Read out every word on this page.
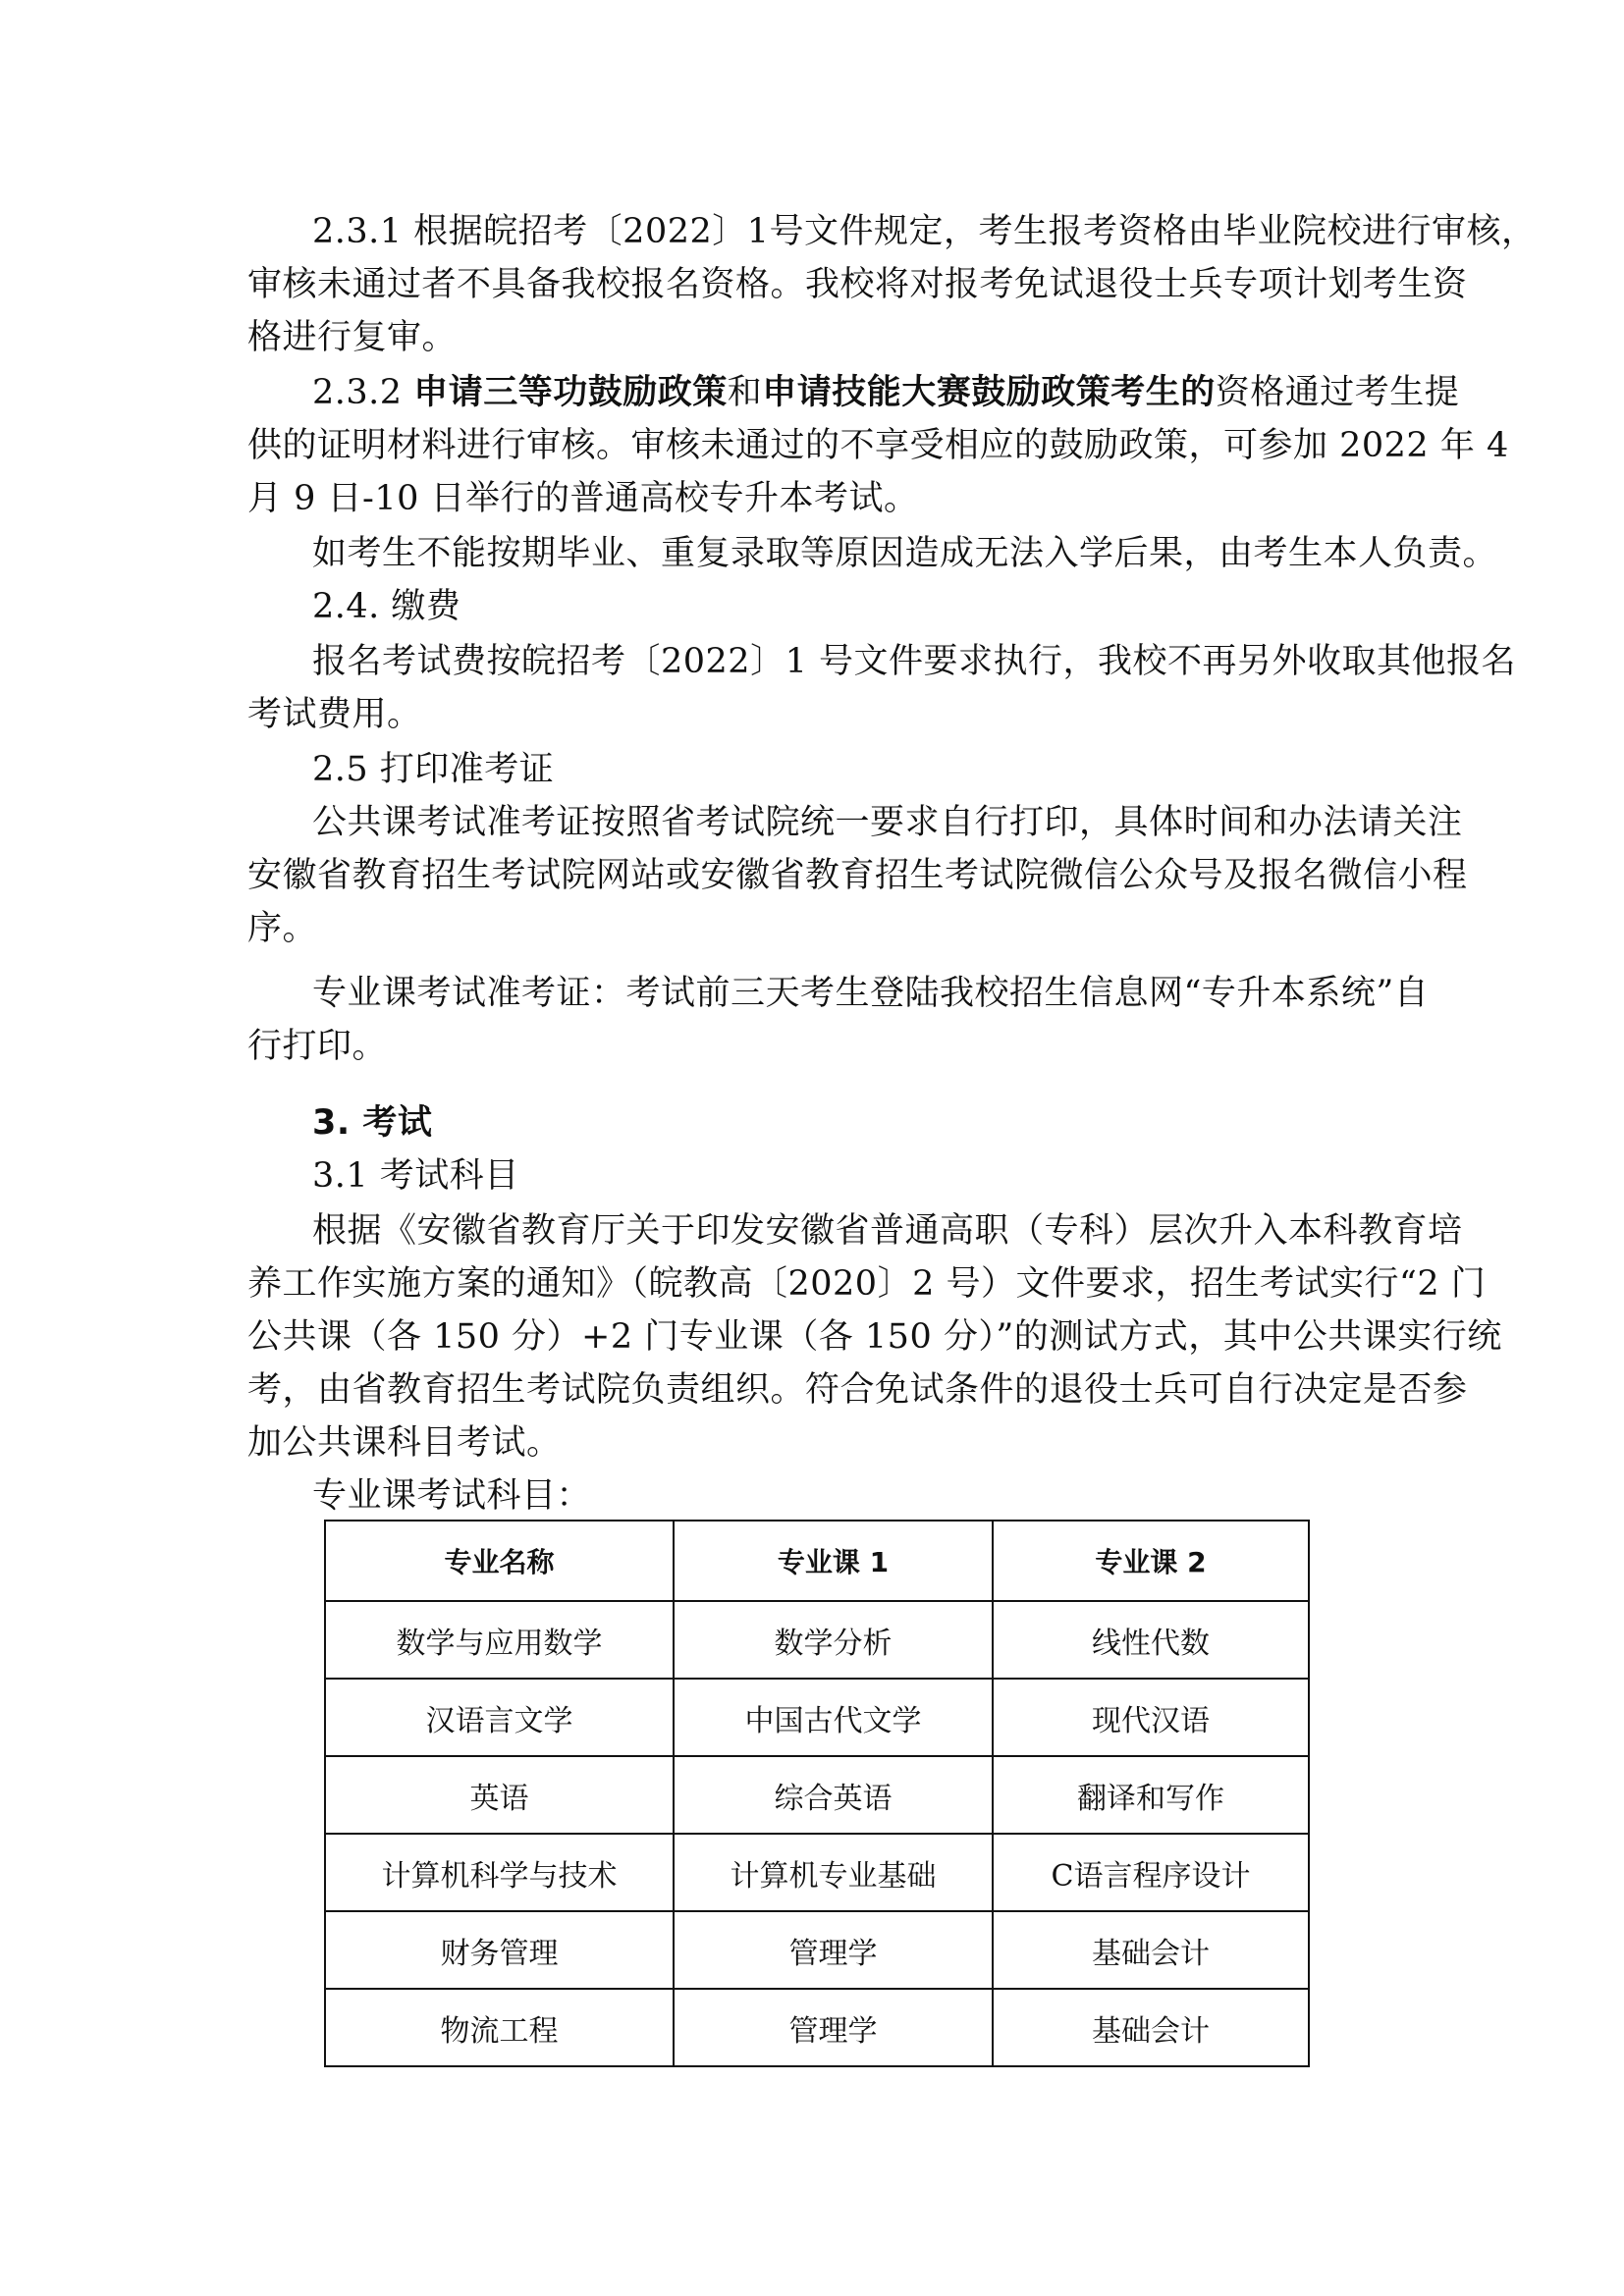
2.3.1 根据皖招考〔2022〕1号文件规定，考生报考资格由毕业院校进行审核，
审核未通过者不具备我校报名资格。我校将对报考免试退役士兵专项计划考生资
格进行复审。
2.3.2 申请三等功鼓励政策和申请技能大赛鼓励政策考生的资格通过考生提
供的证明材料进行审核。审核未通过的不享受相应的鼓励政策，可参加 2022 年 4
月 9 日-10 日举行的普通高校专升本考试。
如考生不能按期毕业、重复录取等原因造成无法入学后果，由考生本人负责。
2.4. 缴费
报名考试费按皖招考〔2022〕1 号文件要求执行，我校不再另外收取其他报名
考试费用。
2.5 打印准考证
公共课考试准考证按照省考试院统一要求自行打印，具体时间和办法请关注
安徽省教育招生考试院网站或安徽省教育招生考试院微信公众号及报名微信小程
序。
专业课考试准考证：考试前三天考生登陆我校招生信息网“专升本系统”自
行打印。
3. 考试
3.1 考试科目
根据《安徽省教育厅关于印发安徽省普通高职（专科）层次升入本科教育培
养工作实施方案的通知》（皖教高〔2020〕2 号）文件要求，招生考试实行“2 门
公共课（各 150 分）+2 门专业课（各 150 分）”的测试方式，其中公共课实行统
考，由省教育招生考试院负责组织。符合免试条件的退役士兵可自行决定是否参
加公共课科目考试。
专业课考试科目：
专业名称	专业课 1	专业课 2
数学与应用数学	数学分析	线性代数
汉语言文学	中国古代文学	现代汉语
英语	综合英语	翻译和写作
计算机科学与技术	计算机专业基础	C语言程序设计
财务管理	管理学	基础会计
物流工程	管理学	基础会计
